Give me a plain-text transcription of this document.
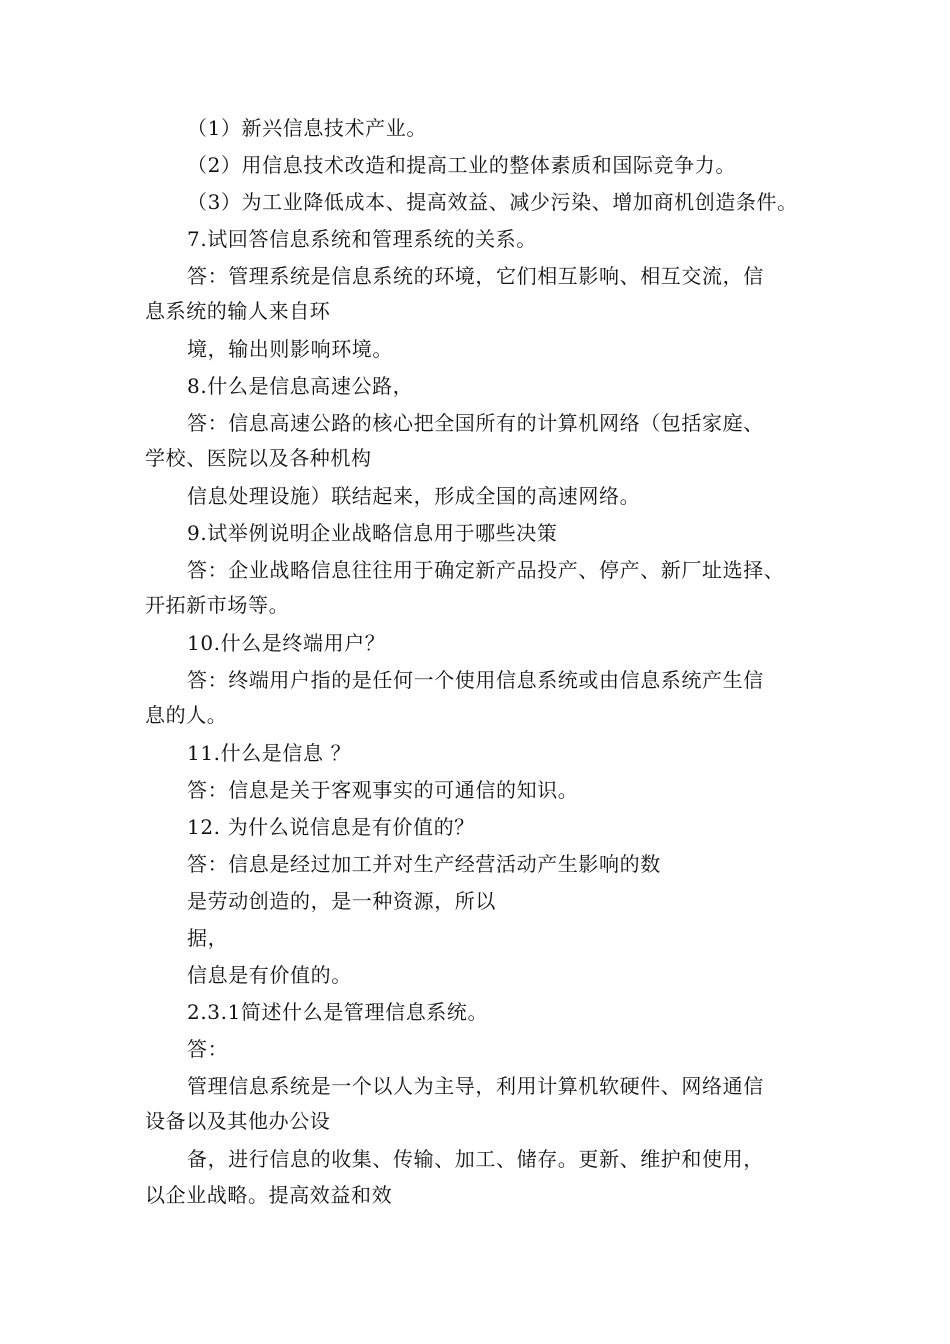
（1）新兴信息技术产业。
（2）用信息技术改造和提高工业的整体素质和国际竞争力。
（3）为工业降低成本、提高效益、减少污染、增加商机创造条件。
7.试回答信息系统和管理系统的关系。
答：管理系统是信息系统的环境，它们相互影响、相互交流，信
息系统的输人来自环
境，输出则影响环境。
8.什么是信息高速公路，
答：信息高速公路的核心把全国所有的计算机网络（包括家庭、
学校、医院以及各种机构
信息处理设施）联结起来，形成全国的高速网络。
9.试举例说明企业战略信息用于哪些决策
答：企业战略信息往往用于确定新产品投产、停产、新厂址选择、
开拓新市场等。
10.什么是终端用户？
答：终端用户指的是任何一个使用信息系统或由信息系统产生信
息的人。
11.什么是信息 ？
答：信息是关于客观事实的可通信的知识。
12. 为什么说信息是有价值的？
答：信息是经过加工并对生产经营活动产生影响的数
是劳动创造的，是一种资源，所以
据，
信息是有价值的。
2.3.1简述什么是管理信息系统。
答：
管理信息系统是一个以人为主导，利用计算机软硬件、网络通信
设备以及其他办公设
备，进行信息的收集、传输、加工、储存。更新、维护和使用，
以企业战略。提高效益和效
